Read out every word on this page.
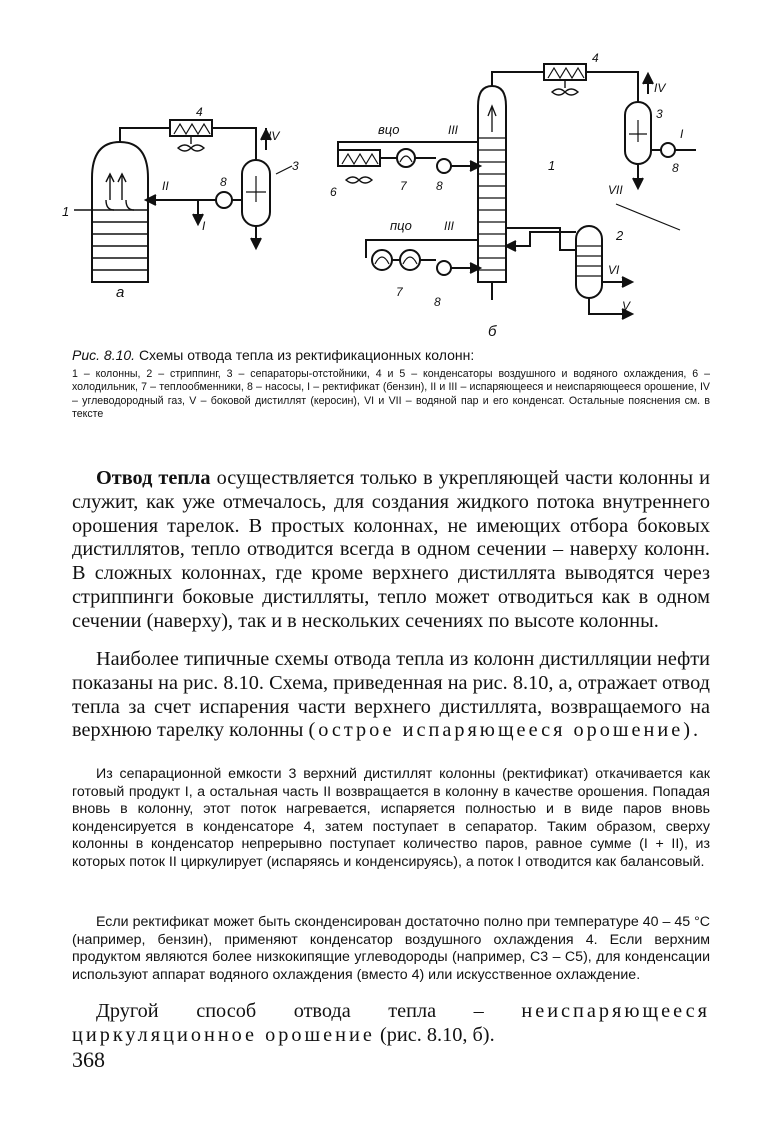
а
1
II
4
IV
3
8
I
б
вцо
пцо
III
III
1
4
IV
3
I
8
VII
6	7 8
7
8
2
VI
V
Рис. 8.10. Схемы отвода тепла из ректификационных колонн:
1 – колонны, 2 – стриппинг, 3 – сепараторы-отстойники, 4 и 5 – конденсаторы воздушного и водяного охлаждения, 6 – холодильник, 7 – теплообменники, 8 – насосы, I – ректификат (бензин), II и III – испаряющееся и неиспаряющееся орошение, IV – углеводородный газ, V – боковой дистиллят (керосин), VI и VII – водяной пар и его конденсат. Остальные пояснения см. в тексте
Отвод тепла осуществляется только в укрепляющей части колонны и служит, как уже отмечалось, для создания жидкого потока внутреннего орошения тарелок. В простых колоннах, не имеющих отбора боковых дистиллятов, тепло отводится всегда в одном сечении – наверху колонн. В сложных колоннах, где кроме верхнего дистиллята выводятся через стриппинги боковые дистилляты, тепло может отводиться как в одном сечении (наверху), так и в нескольких сечениях по высоте колонны.
Наиболее типичные схемы отвода тепла из колонн дистилляции нефти показаны на рис. 8.10. Схема, приведенная на рис. 8.10, а, отражает отвод тепла за счет испарения части верхнего дистиллята, возвращаемого на верхнюю тарелку колонны (острое испаряющееся орошение).
Из сепарационной емкости 3 верхний дистиллят колонны (ректификат) откачивается как готовый продукт I, а остальная часть II возвращается в колонну в качестве орошения. Попадая вновь в колонну, этот поток нагревается, испаряется полностью и в виде паров вновь конденсируется в конденсаторе 4, затем поступает в сепаратор. Таким образом, сверху колонны в конденсатор непрерывно поступает количество паров, равное сумме (I + II), из которых поток II циркулирует (испаряясь и конденсируясь), а поток I отводится как балансовый.
Если ректификат может быть сконденсирован достаточно полно при температуре 40 – 45 °C (например, бензин), применяют конденсатор воздушного охлаждения 4. Если верхним продуктом являются более низкокипящие углеводороды (например, C3 – C5), для конденсации используют аппарат водяного охлаждения (вместо 4) или искусственное охлаждение.
Другой способ отвода тепла – неиспаряющееся циркуляционное орошение (рис. 8.10, б).
368
